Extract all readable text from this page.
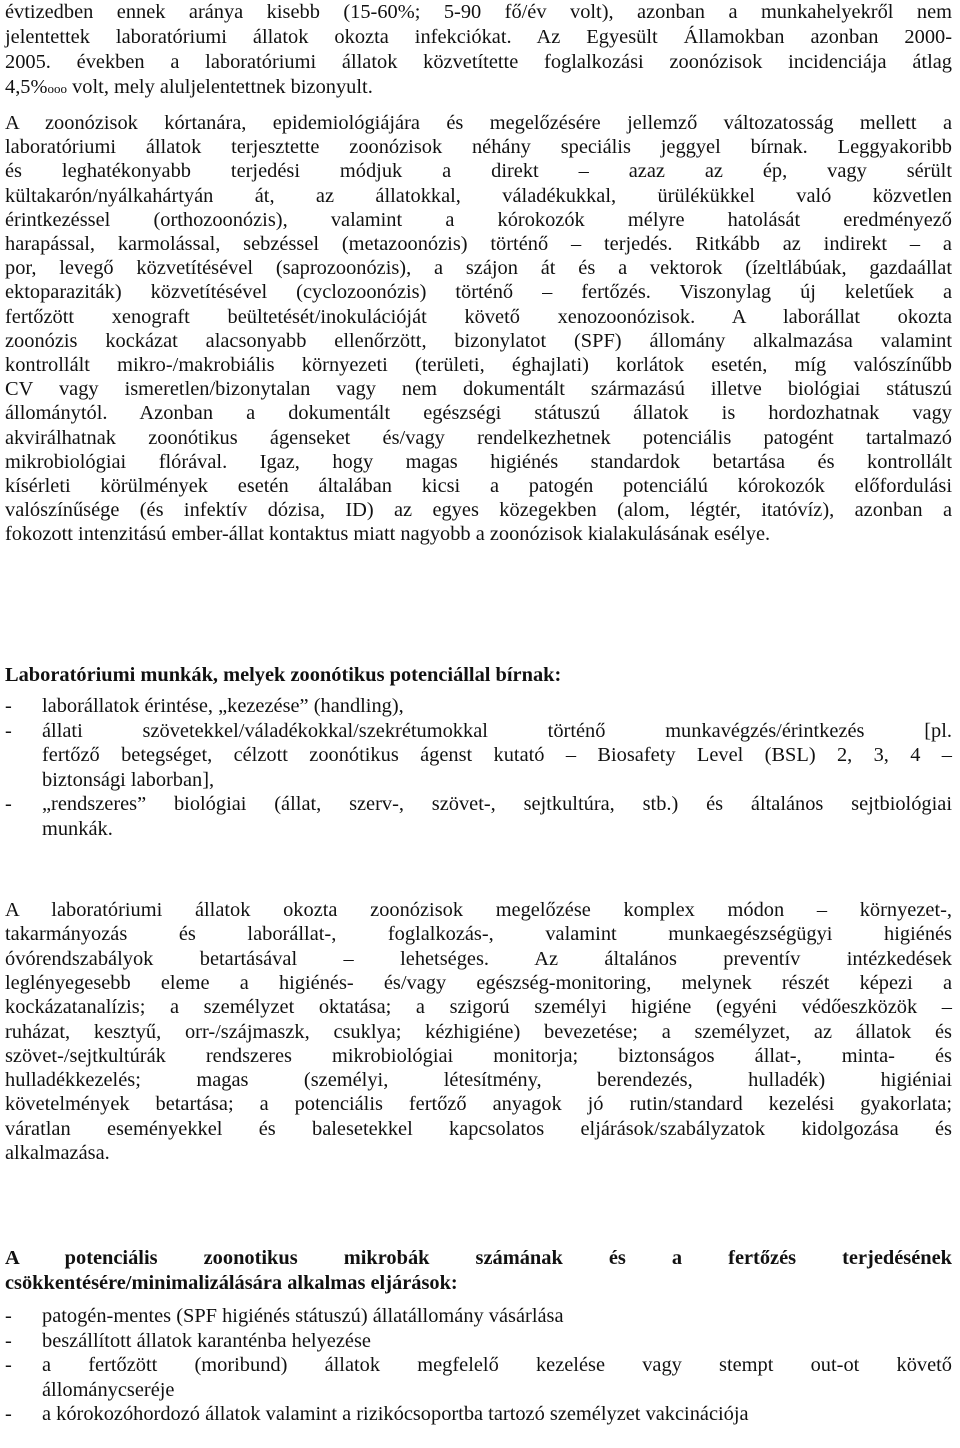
évtizedben ennek aránya kisebb (15-60%; 5-90 fő/év volt), azonban a munkahelyekről nem
jelentettek laboratóriumi állatok okozta infekciókat. Az Egyesült Államokban azonban 2000-
2005. években a laboratóriumi állatok közvetítette foglalkozási zoonózisok incidenciája átlag
4,5%ooo volt, mely aluljelentettnek bizonyult.
A zoonózisok kórtanára, epidemiológiájára és megelőzésére jellemző változatosság mellett a
laboratóriumi állatok terjesztette zoonózisok néhány speciális jeggyel bírnak. Leggyakoribb
és leghatékonyabb terjedési módjuk a direkt – azaz az ép, vagy sérült
kültakarón/nyálkahártyán át, az állatokkal, váladékukkal, ürülékükkel való közvetlen
érintkezéssel (orthozoonózis), valamint a kórokozók mélyre hatolását eredményező
harapással, karmolással, sebzéssel (metazoonózis) történő – terjedés. Ritkább az indirekt – a
por, levegő közvetítésével (saprozoonózis), a szájon át és a vektorok (ízeltlábúak, gazdaállat
ektoparaziták) közvetítésével (cyclozoonózis) történő – fertőzés. Viszonylag új keletűek a
fertőzött xenograft beültetését/inokulációját követő xenozoonózisok. A laborállat okozta
zoonózis kockázat alacsonyabb ellenőrzött, bizonylatot (SPF) állomány alkalmazása valamint
kontrollált mikro-/makrobiális környezeti (területi, éghajlati) korlátok esetén, míg valószínűbb
CV vagy ismeretlen/bizonytalan vagy nem dokumentált származású illetve biológiai státuszú
állománytól. Azonban a dokumentált egészségi státuszú állatok is hordozhatnak vagy
akvirálhatnak zoonótikus ágenseket és/vagy rendelkezhetnek potenciális patogént tartalmazó
mikrobiológiai flórával. Igaz, hogy magas higiénés standardok betartása és kontrollált
kísérleti körülmények esetén általában kicsi a patogén potenciálú kórokozók előfordulási
valószínűsége (és infektív dózisa, ID) az egyes közegekben (alom, légtér, itatóvíz), azonban a
fokozott intenzitású ember-állat kontaktus miatt nagyobb a zoonózisok kialakulásának esélye.
Laboratóriumi munkák, melyek zoonótikus potenciállal bírnak:
-	laborállatok érintése, „kezezése” (handling),
-	állati szövetekkel/váladékokkal/szekrétumokkal történő munkavégzés/érintkezés [pl.
fertőző betegséget, célzott zoonótikus ágenst kutató – Biosafety Level (BSL) 2, 3, 4 –
biztonsági laborban],
-	„rendszeres” biológiai (állat, szerv-, szövet-, sejtkultúra, stb.) és általános sejtbiológiai
munkák.
A laboratóriumi állatok okozta zoonózisok megelőzése komplex módon – környezet-,
takarmányozás és laborállat-, foglalkozás-, valamint munkaegészségügyi higiénés
óvórendszabályok betartásával – lehetséges. Az általános preventív intézkedések
leglényegesebb eleme a higiénés- és/vagy egészség-monitoring, melynek részét képezi a
kockázatanalízis; a személyzet oktatása; a szigorú személyi higiéne (egyéni védőeszközök –
ruházat, kesztyű, orr-/szájmaszk, csuklya; kézhigiéne) bevezetése; a személyzet, az állatok és
szövet-/sejtkultúrák rendszeres mikrobiológiai monitorja; biztonságos állat-, minta- és
hulladékkezelés; magas (személyi, létesítmény, berendezés, hulladék) higiéniai
követelmények betartása; a potenciális fertőző anyagok jó rutin/standard kezelési gyakorlata;
váratlan eseményekkel és balesetekkel kapcsolatos eljárások/szabályzatok kidolgozása és
alkalmazása.
A potenciális zoonotikus mikrobák számának és a fertőzés terjedésének
csökkentésére/minimalizálására alkalmas eljárások:
-	patogén-mentes (SPF higiénés státuszú) állatállomány vásárlása
-	beszállított állatok karanténba helyezése
-	a fertőzött (moribund) állatok megfelelő kezelése vagy stempt out-ot követő
állománycseréje
-	a kórokozóhordozó állatok valamint a rizikócsoportba tartozó személyzet vakcinációja
